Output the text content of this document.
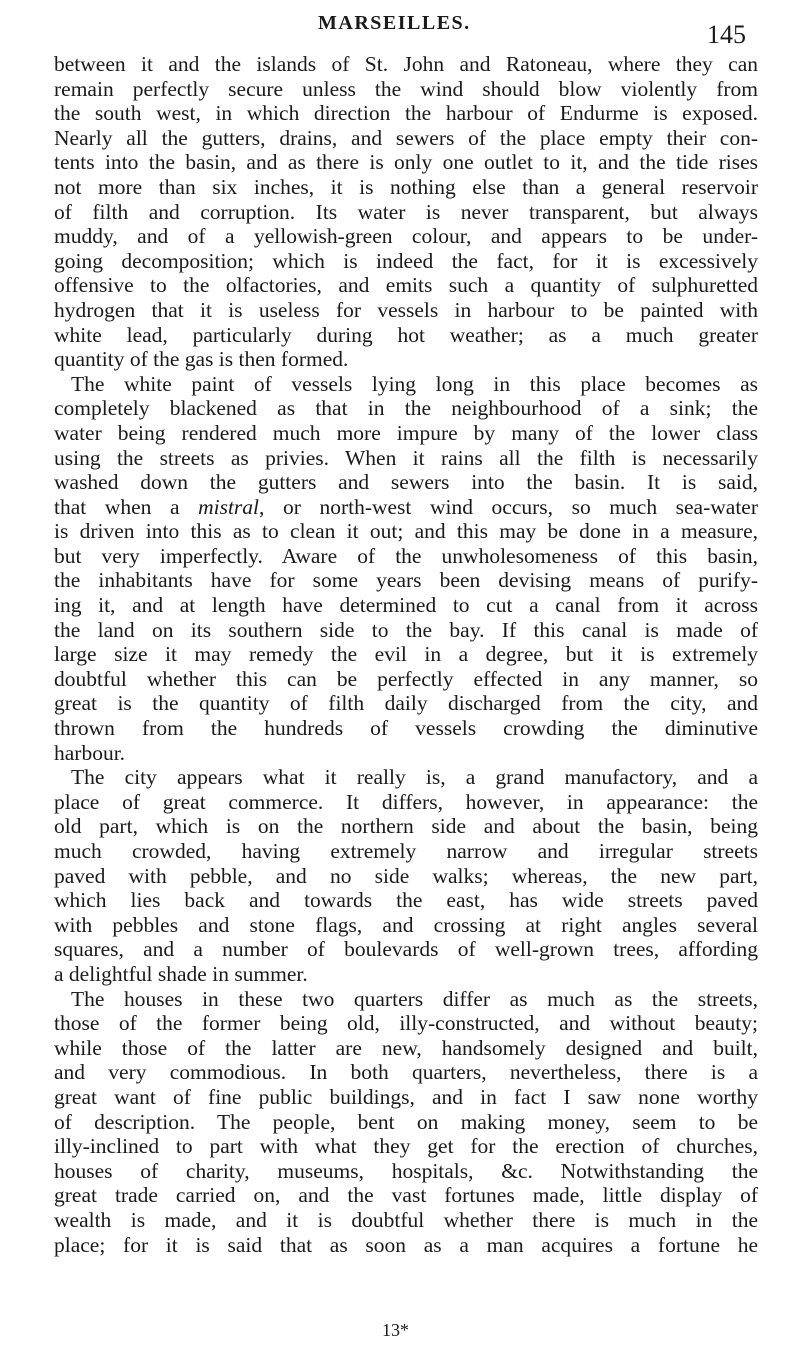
MARSEILLES.	145
between it and the islands of St. John and Ratoneau, where they can
remain perfectly secure unless the wind should blow violently from
the south west, in which direction the harbour of Endurme is exposed.
Nearly all the gutters, drains, and sewers of the place empty their con-
tents into the basin, and as there is only one outlet to it, and the tide rises
not more than six inches, it is nothing else than a general reservoir
of filth and corruption. Its water is never transparent, but always
muddy, and of a yellowish-green colour, and appears to be under-
going decomposition; which is indeed the fact, for it is excessively
offensive to the olfactories, and emits such a quantity of sulphuretted
hydrogen that it is useless for vessels in harbour to be painted with
white lead, particularly during hot weather; as a much greater
quantity of the gas is then formed.
The white paint of vessels lying long in this place becomes as
completely blackened as that in the neighbourhood of a sink; the
water being rendered much more impure by many of the lower class
using the streets as privies. When it rains all the filth is necessarily
washed down the gutters and sewers into the basin. It is said,
that when a mistral, or north-west wind occurs, so much sea-water
is driven into this as to clean it out; and this may be done in a measure,
but very imperfectly. Aware of the unwholesomeness of this basin,
the inhabitants have for some years been devising means of purify-
ing it, and at length have determined to cut a canal from it across
the land on its southern side to the bay. If this canal is made of
large size it may remedy the evil in a degree, but it is extremely
doubtful whether this can be perfectly effected in any manner, so
great is the quantity of filth daily discharged from the city, and
thrown from the hundreds of vessels crowding the diminutive
harbour.
The city appears what it really is, a grand manufactory, and a
place of great commerce. It differs, however, in appearance: the
old part, which is on the northern side and about the basin, being
much crowded, having extremely narrow and irregular streets
paved with pebble, and no side walks; whereas, the new part,
which lies back and towards the east, has wide streets paved
with pebbles and stone flags, and crossing at right angles several
squares, and a number of boulevards of well-grown trees, affording
a delightful shade in summer.
The houses in these two quarters differ as much as the streets,
those of the former being old, illy-constructed, and without beauty;
while those of the latter are new, handsomely designed and built,
and very commodious. In both quarters, nevertheless, there is a
great want of fine public buildings, and in fact I saw none worthy
of description. The people, bent on making money, seem to be
illy-inclined to part with what they get for the erection of churches,
houses of charity, museums, hospitals, &c. Notwithstanding the
great trade carried on, and the vast fortunes made, little display of
wealth is made, and it is doubtful whether there is much in the
place; for it is said that as soon as a man acquires a fortune he
13*
